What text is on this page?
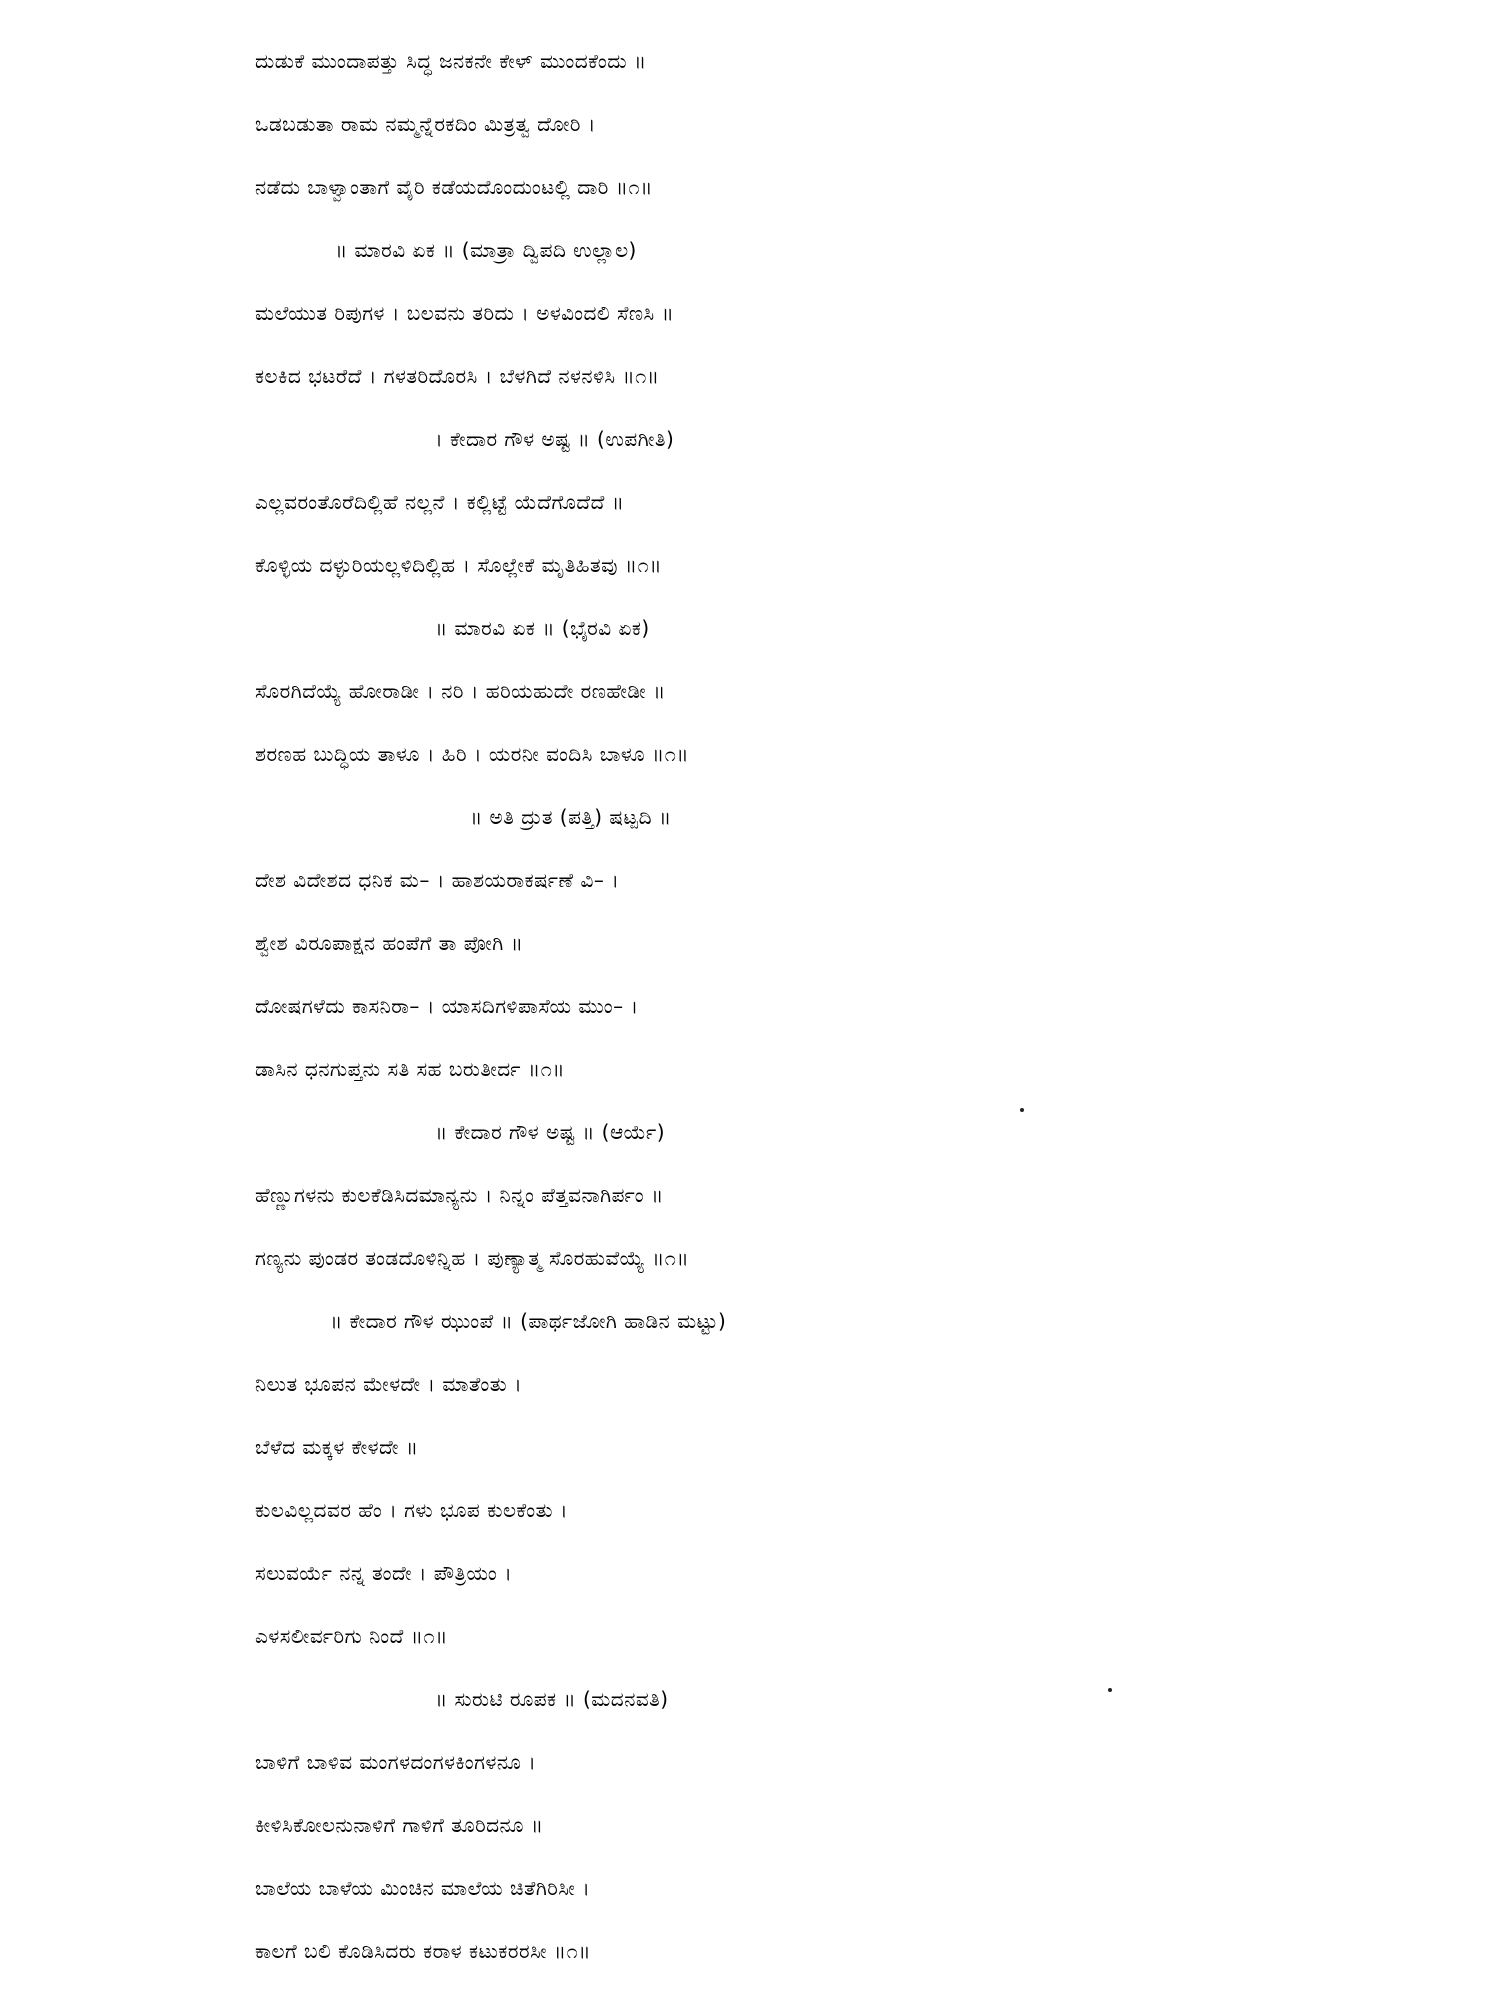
ದುಡುಕೆ ಮುಂದಾಪತ್ತು ಸಿದ್ಧ ಜನಕನೇ ಕೇಳ್ ಮುಂದಕೆಂದು ॥
ಒಡಬಡುತಾ ರಾಮ ನಮ್ಮನ್ನೆರಕದಿಂ ಮಿತ್ರತ್ವ ದೋರಿ ।
ನಡೆದು ಬಾಳ್ವಾಂತಾಗೆ ವೈರಿ ಕಡೆಯದೊಂದುಂಟಲ್ಲಿ ದಾರಿ ॥೧॥
॥ ಮಾರವಿ ಏಕ ॥ (ಮಾತ್ರಾ ದ್ವಿಪದಿ ಉಲ್ಲಾಲ)
ಮಲೆಯುತ ರಿಪುಗಳ । ಬಲವನು ತರಿದು । ಅಳವಿಂದಲಿ ಸೆಣಸಿ ॥
ಕಲಕಿದ ಭಟರೆದೆ । ಗಳತರಿದೊರಸಿ । ಬೆಳಗಿದೆ ನಳನಳಿಸಿ ॥೧॥
। ಕೇದಾರ ಗೌಳ ಅಷ್ಟ ॥ (ಉಪಗೀತಿ)
ಎಲ್ಲವರಂತೊರೆದಿಲ್ಲಿಹೆ ನಲ್ಲನೆ । ಕಲ್ಲಿಟ್ಟೆ ಯೆದೆಗೊದೆದೆ ॥
ಕೊಳ್ಳಿಯ ದಳ್ಳುರಿಯಲ್ಲಳಿದಿಲ್ಲಿಹ । ಸೊಲ್ಲೇಕೆ ಮೃತಿಹಿತವು ॥೧॥
॥ ಮಾರವಿ ಏಕ ॥ (ಭೈರವಿ ಏಕ)
ಸೊರಗಿದೆಯ್ಯೆ ಹೋರಾಡೀ । ನರಿ । ಹರಿಯಹುದೇ ರಣಹೇಡೀ ॥
ಶರಣಹ ಬುದ್ಧಿಯ ತಾಳೂ । ಹಿರಿ । ಯರನೀ ವಂದಿಸಿ ಬಾಳೂ ॥೧॥
॥ ಅತಿ ದ್ರುತ (ಪತ್ತಿ) ಷಟ್ಪದಿ ॥
ದೇಶ ವಿದೇಶದ ಧನಿಕ ಮ– । ಹಾಶಯರಾಕರ್ಷಣೆ ವಿ– ।
ಶ್ವೇಶ ವಿರೂಪಾಕ್ಷನ ಹಂಪೆಗೆ ತಾ ಪೋಗಿ ॥
ದೋಷಗಳೆದು ಕಾಸನಿರಾ– । ಯಾಸದಿಗಳಿಪಾಸೆಯ ಮುಂ– ।
ಡಾಸಿನ ಧನಗುಪ್ತನು ಸತಿ ಸಹ ಬರುತೀರ್ದ ॥೧॥
॥ ಕೇದಾರ ಗೌಳ ಅಷ್ಟ ॥ (ಆರ್ಯೆ)
ಹೆಣ್ಣುಗಳನು ಕುಲಕೆಡಿಸಿದಮಾನ್ಯನು । ನಿನ್ನಂ ಪೆತ್ತವನಾಗಿರ್ಪಂ ॥
ಗಣ್ಯನು ಪುಂಡರ ತಂಡದೊಳಿನ್ನಿಹ । ಪುಣ್ಯಾತ್ಮ ಸೊರಹುವೆಯ್ಯೆ ॥೧॥
॥ ಕೇದಾರ ಗೌಳ ಝುಂಪೆ ॥ (ಪಾರ್ಥಜೋಗಿ ಹಾಡಿನ ಮಟ್ಟು)
ನಿಲುತ ಭೂಪನ ಮೇಳದೇ । ಮಾತೆಂತು ।
ಬೆಳೆದ ಮಕ್ಕಳ ಕೇಳದೇ ॥
ಕುಲವಿಲ್ಲದವರ ಹೆಂ । ಗಳು ಭೂಪ ಕುಲಕೆಂತು ।
ಸಲುವರ್ಯೆ ನನ್ನ ತಂದೇ । ಪೌತ್ರಿಯಂ ।
ಎಳಸಲೀರ್ವರಿಗು ನಿಂದೆ ॥೧॥
॥ ಸುರುಟಿ ರೂಪಕ ॥ (ಮದನವತಿ)
ಬಾಳಿಗೆ ಬಾಳಿವ ಮಂಗಳದಂಗಳಕಿಂಗಳನೂ ।
ಕೀಳಿಸಿಕೋಲನುನಾಳಿಗೆ ಗಾಳಿಗೆ ತೂರಿದನೂ ॥
ಬಾಲೆಯ ಬಾಳೆಯ ಮಿಂಚಿನ ಮಾಲೆಯ ಚಿತೆಗಿರಿಸೀ ।
ಕಾಲಗೆ ಬಲಿ ಕೊಡಿಸಿದರು ಕರಾಳ ಕಟುಕರರಸೀ ॥೧॥
